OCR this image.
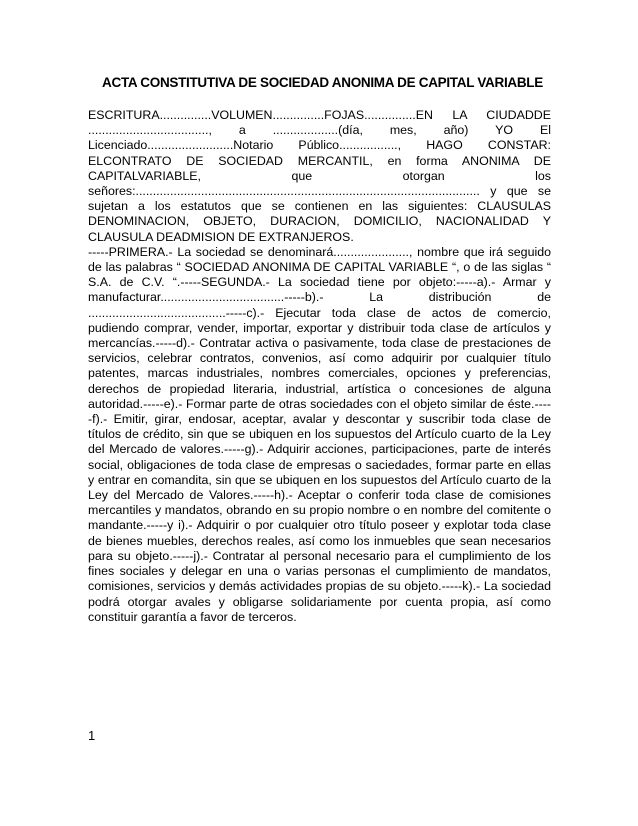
ACTA CONSTITUTIVA DE SOCIEDAD ANONIMA DE CAPITAL VARIABLE
ESCRITURA...............VOLUMEN...............FOJAS...............EN LA CIUDADDE ..................................., a ...................(día, mes, año) YO El Licenciado.........................Notario Público................., HAGO CONSTAR: ELCONTRATO DE SOCIEDAD MERCANTIL, en forma ANONIMA DE CAPITALVARIABLE, que otorgan los señores:.................................................................................................... y que se sujetan a los estatutos que se contienen en las siguientes: CLAUSULAS DENOMINACION, OBJETO, DURACION, DOMICILIO, NACIONALIDAD Y CLAUSULA DEADMISION DE EXTRANJEROS.
-----PRIMERA.- La sociedad se denominará......................, nombre que irá seguido de las palabras “ SOCIEDAD ANONIMA DE CAPITAL VARIABLE “, o de las siglas “ S.A. de C.V. “.-----SEGUNDA.- La sociedad tiene por objeto:-----a).- Armar y manufacturar....................................-----b).- La distribución de ........................................-----c).- Ejecutar toda clase de actos de comercio, pudiendo comprar, vender, importar, exportar y distribuir toda clase de artículos y mercancías.-----d).- Contratar activa o pasivamente, toda clase de prestaciones de servicios, celebrar contratos, convenios, así como adquirir por cualquier título patentes, marcas industriales, nombres comerciales, opciones y preferencias, derechos de propiedad literaria, industrial, artística o concesiones de alguna autoridad.-----e).- Formar parte de otras sociedades con el objeto similar de éste.-----f).- Emitir, girar, endosar, aceptar, avalar y descontar y suscribir toda clase de títulos de crédito, sin que se ubiquen en los supuestos del Artículo cuarto de la Ley del Mercado de valores.-----g).- Adquirir acciones, participaciones, parte de interés social, obligaciones de toda clase de empresas o saciedades, formar parte en ellas y entrar en comandita, sin que se ubiquen en los supuestos del Artículo cuarto de la Ley del Mercado de Valores.-----h).- Aceptar o conferir toda clase de comisiones mercantiles y mandatos, obrando en su propio nombre o en nombre del comitente o mandante.-----y i).- Adquirir o por cualquier otro título poseer y explotar toda clase de bienes muebles, derechos reales, así como los inmuebles que sean necesarios para su objeto.-----j).- Contratar al personal necesario para el cumplimiento de los fines sociales y delegar en una o varias personas el cumplimiento de mandatos, comisiones, servicios y demás actividades propias de su objeto.-----k).- La sociedad podrá otorgar avales y obligarse solidariamente por cuenta propia, así como constituir garantía a favor de terceros.
1
